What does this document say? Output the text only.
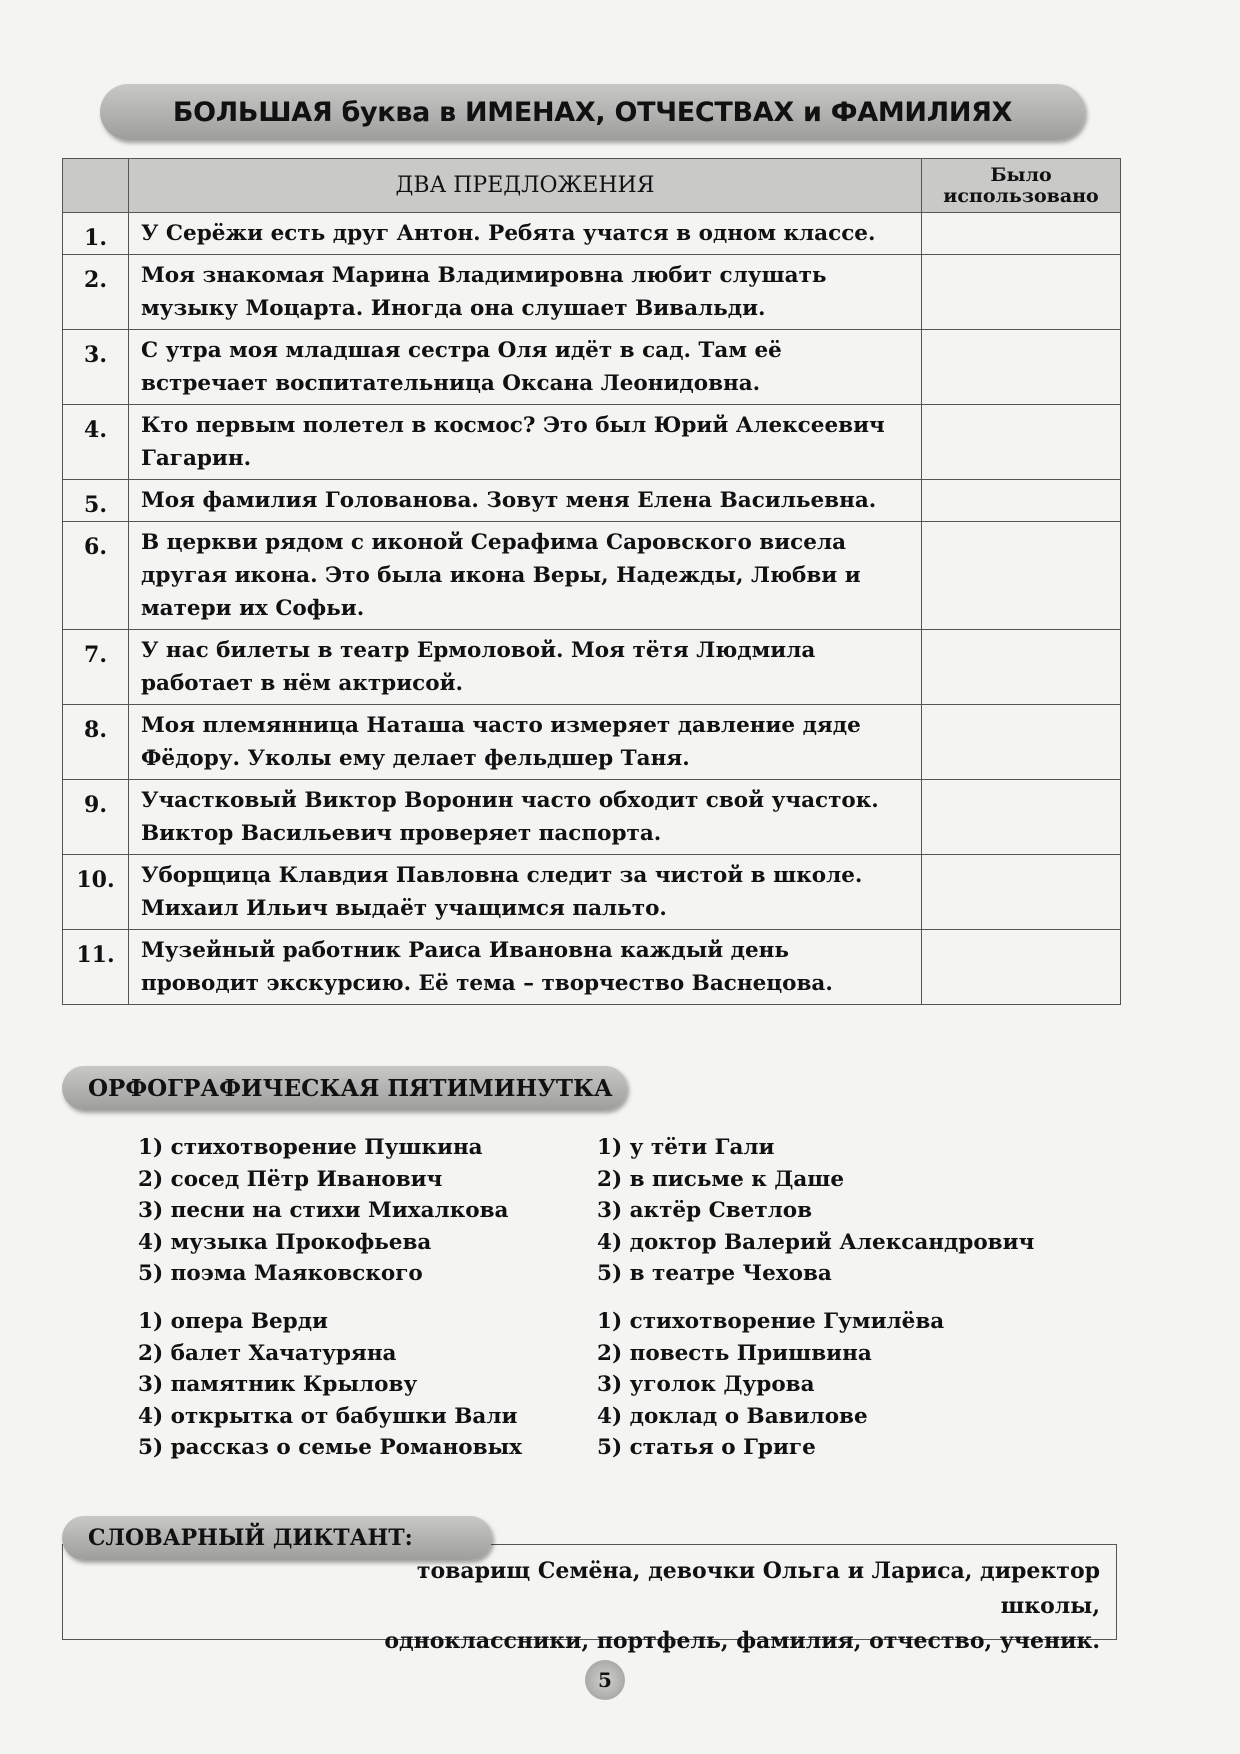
БОЛЬШАЯ буква в ИМЕНАХ, ОТЧЕСТВАХ и ФАМИЛИЯХ
	ДВА ПРЕДЛОЖЕНИЯ	Было использовано
1.	У Серёжи есть друг Антон. Ребята учатся в одном классе.	
2.	Моя знакомая Марина Владимировна любит слушать музыку Моцарта. Иногда она слушает Вивальди.	
3.	С утра моя младшая сестра Оля идёт в сад. Там её встречает воспитательница Оксана Леонидовна.	
4.	Кто первым полетел в космос? Это был Юрий Алексеевич Гагарин.	
5.	Моя фамилия Голованова. Зовут меня Елена Васильевна.	
6.	В церкви рядом с иконой Серафима Саровского висела другая икона. Это была икона Веры, Надежды, Любви и матери их Софьи.	
7.	У нас билеты в театр Ермоловой. Моя тётя Людмила работает в нём актрисой.	
8.	Моя племянница Наташа часто измеряет давление дяде Фёдору. Уколы ему делает фельдшер Таня.	
9.	Участковый Виктор Воронин часто обходит свой участок. Виктор Васильевич проверяет паспорта.	
10.	Уборщица Клавдия Павловна следит за чистой в школе. Михаил Ильич выдаёт учащимся пальто.	
11.	Музейный работник Раиса Ивановна каждый день проводит экскурсию. Её тема – творчество Васнецова.	
ОРФОГРАФИЧЕСКАЯ ПЯТИМИНУТКА
1) стихотворение Пушкина
2) сосед Пётр Иванович
3) песни на стихи Михалкова
4) музыка Прокофьева
5) поэма Маяковского
1) у тёти Гали
2) в письме к Даше
3) актёр Светлов
4) доктор Валерий Александрович
5) в театре Чехова
1) опера Верди
2) балет Хачатуряна
3) памятник Крылову
4) открытка от бабушки Вали
5) рассказ о семье Романовых
1) стихотворение Гумилёва
2) повесть Пришвина
3) уголок Дурова
4) доклад о Вавилове
5) статья о Григе
СЛОВАРНЫЙ ДИКТАНТ:
товарищ Семёна, девочки Ольга и Лариса, директор школы,
одноклассники, портфель, фамилия, отчество, ученик.
5
